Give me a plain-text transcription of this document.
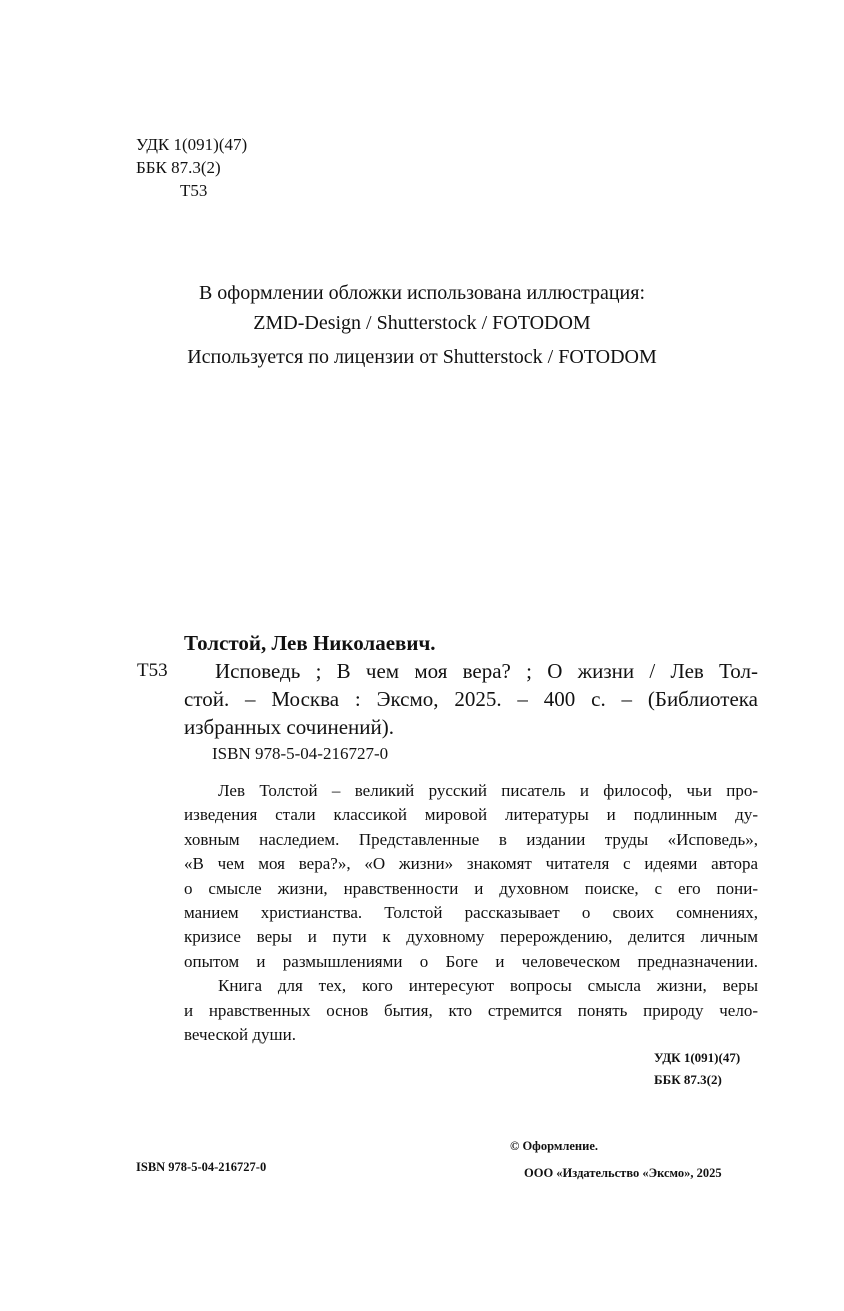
УДК 1(091)(47)
ББК 87.3(2)
Т53
В оформлении обложки использована иллюстрация:
ZMD-Design / Shutterstock / FOTODOM
Используется по лицензии от Shutterstock / FOTODOM
Толстой, Лев Николаевич.
Т53	Исповедь ; В чем моя вера? ; О жизни / Лев Тол-
стой. – Москва : Эксмо, 2025. – 400 с. – (Библиотека
избранных сочинений).
ISBN 978-5-04-216727-0

Лев Толстой – великий русский писатель и философ, чьи про-
изведения стали классикой мировой литературы и подлинным ду-
ховным наследием. Представленные в издании труды «Исповедь»,
«В чем моя вера?», «О жизни» знакомят читателя с идеями автора
о смысле жизни, нравственности и духовном поиске, с его пони-
манием христианства. Толстой рассказывает о своих сомнениях,
кризисе веры и пути к духовному перерождению, делится личным
опытом и размышлениями о Боге и человеческом предназначении.

Книга для тех, кого интересуют вопросы смысла жизни, веры
и нравственных основ бытия, кто стремится понять природу чело-
веческой души.

УДК 1(091)(47)
ББК 87.3(2)
ISBN 978-5-04-216727-0
© Оформление.
ООО «Издательство «Эксмо», 2025
